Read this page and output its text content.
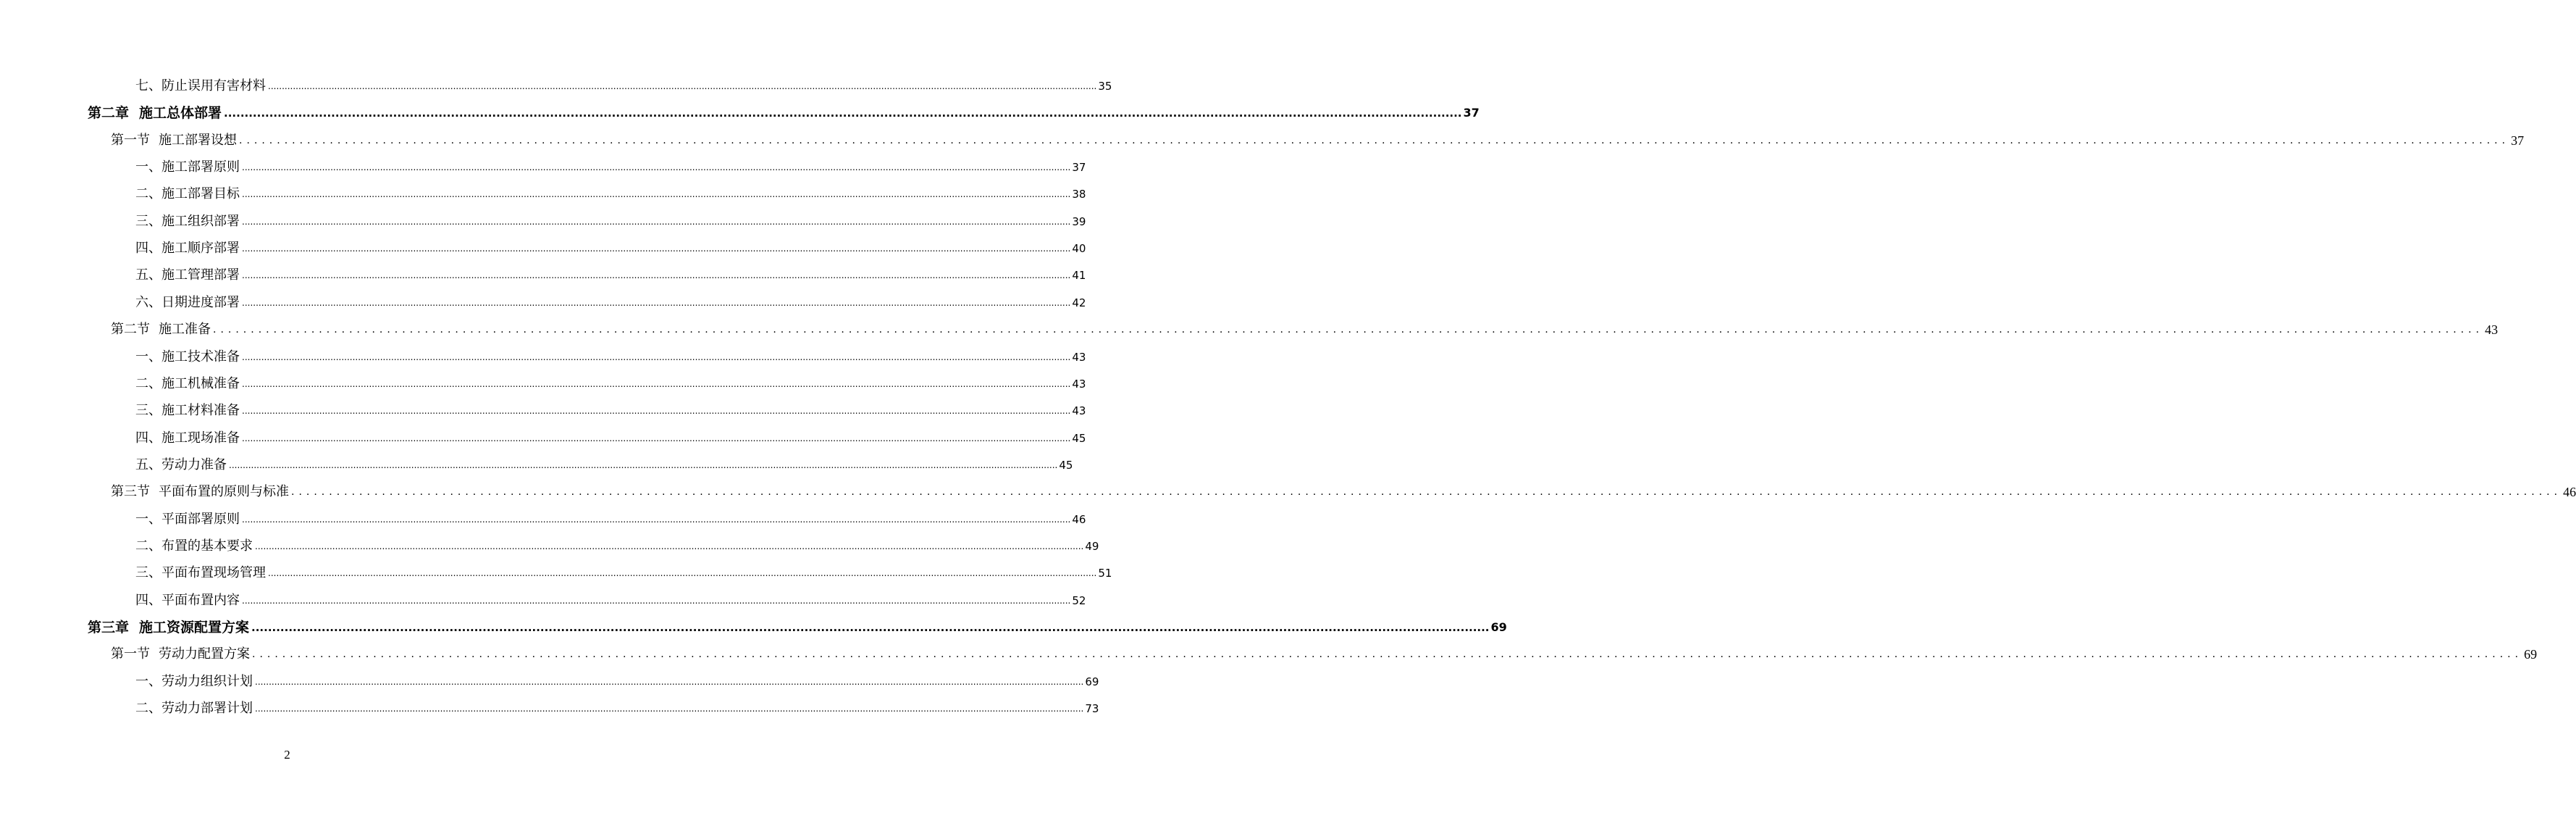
七、 防止误用有害材料 ............................................................................................................................................................................................................................................................................................................ 35
第二章 施工总体部署 ............................................................................................................................................................................................................................................................................................................ 37
第一节 施工部署设想 ............................................................................................................................................................................................................................................................................................................ 37
一、 施工部署原则 ............................................................................................................................................................................................................................................................................................................ 37
二、 施工部署目标 ............................................................................................................................................................................................................................................................................................................ 38
三、 施工组织部署 ............................................................................................................................................................................................................................................................................................................ 39
四、 施工顺序部署 ............................................................................................................................................................................................................................................................................................................ 40
五、 施工管理部署 ............................................................................................................................................................................................................................................................................................................ 41
六、 日期进度部署 ............................................................................................................................................................................................................................................................................................................ 42
第二节 施工准备 ............................................................................................................................................................................................................................................................................................................ 43
一、 施工技术准备 ............................................................................................................................................................................................................................................................................................................ 43
二、 施工机械准备 ............................................................................................................................................................................................................................................................................................................ 43
三、 施工材料准备 ............................................................................................................................................................................................................................................................................................................ 43
四、 施工现场准备 ............................................................................................................................................................................................................................................................................................................ 45
五、 劳动力准备 ............................................................................................................................................................................................................................................................................................................ 45
第三节 平面布置的原则与标准 ............................................................................................................................................................................................................................................................................................................ 46
一、 平面部署原则 ............................................................................................................................................................................................................................................................................................................ 46
二、 布置的基本要求 ............................................................................................................................................................................................................................................................................................................ 49
三、 平面布置现场管理 ............................................................................................................................................................................................................................................................................................................ 51
四、 平面布置内容 ............................................................................................................................................................................................................................................................................................................ 52
第三章 施工资源配置方案 ............................................................................................................................................................................................................................................................................................................ 69
第一节 劳动力配置方案 ............................................................................................................................................................................................................................................................................................................ 69
一、 劳动力组织计划 ............................................................................................................................................................................................................................................................................................................ 69
二、 劳动力部署计划 ............................................................................................................................................................................................................................................................................................................ 73
2
